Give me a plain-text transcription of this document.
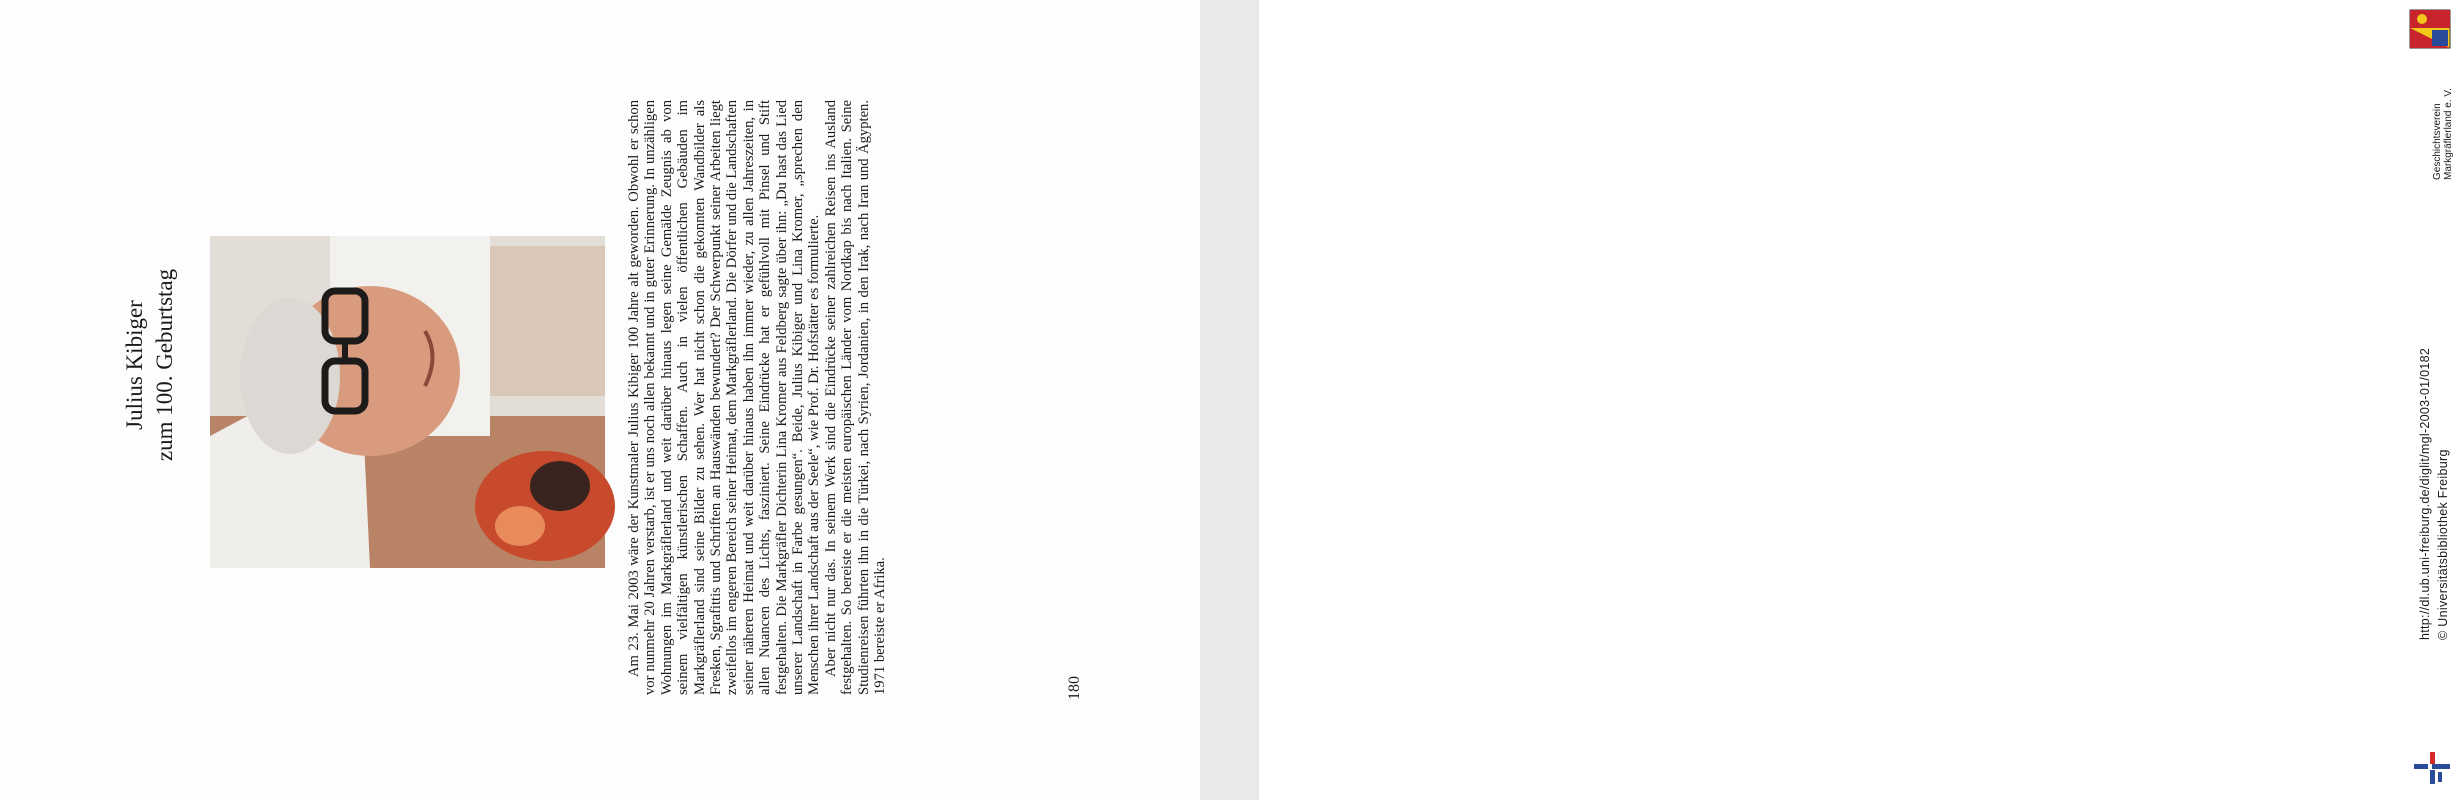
Julius Kibiger zum 100. Geburtstag	Am 23. Mai 2003 wäre der Kunstmaler Julius Kibiger 100 Jahre alt geworden. Obwohl er schon vor nunmehr 20 Jahren verstarb, ist er uns noch allen bekannt und in guter Erinnerung. In unzähligen Wohnungen im Markgräflerland und weit darüber hinaus legen seine Gemälde Zeugnis ab von seinem vielfältigen künstlerischen Schaffen. Auch in vielen öffentlichen Gebäuden im Markgräflerland sind seine Bilder zu sehen. Wer hat nicht schon die gekonnten Wandbilder als Fresken, Sgrafittis und Schriften an Hauswänden bewundert? Der Schwerpunkt seiner Arbeiten liegt zweifellos im engeren Bereich seiner Heimat, dem Markgräflerland. Die Dörfer und die Landschaften seiner näheren Heimat und weit darüber hinaus haben ihn immer wieder, zu allen Jahreszeiten, in allen Nuancen des Lichts, fasziniert. Seine Eindrücke hat er gefühlvoll mit Pinsel und Stift festgehalten. Die Markgräfler Dichterin Lina Kromer aus Feldberg sagte über ihn: „Du hast das Lied unserer Landschaft in Farbe gesungen“. Beide, Julius Kibiger und Lina Kromer, „sprechen den Menschen ihrer Landschaft aus der Seele“, wie Prof. Dr. Hofstätter es formulierte. Aber nicht nur das. In seinem Werk sind die Eindrücke seiner zahlreichen Reisen ins Ausland festgehalten. So bereiste er die meisten europäischen Länder vom Nordkap bis nach Italien. Seine Studienreisen führten ihn in die Türkei, nach Syrien, Jordanien, in den Irak, nach Iran und Ägypten. 1971 bereiste er Afrika.	180
Geschichtsverein Markgräflerland e. V.
http://dl.ub.uni-freiburg.de/diglit/mgl-2003-01/0182 © Universitätsbibliothek Freiburg
